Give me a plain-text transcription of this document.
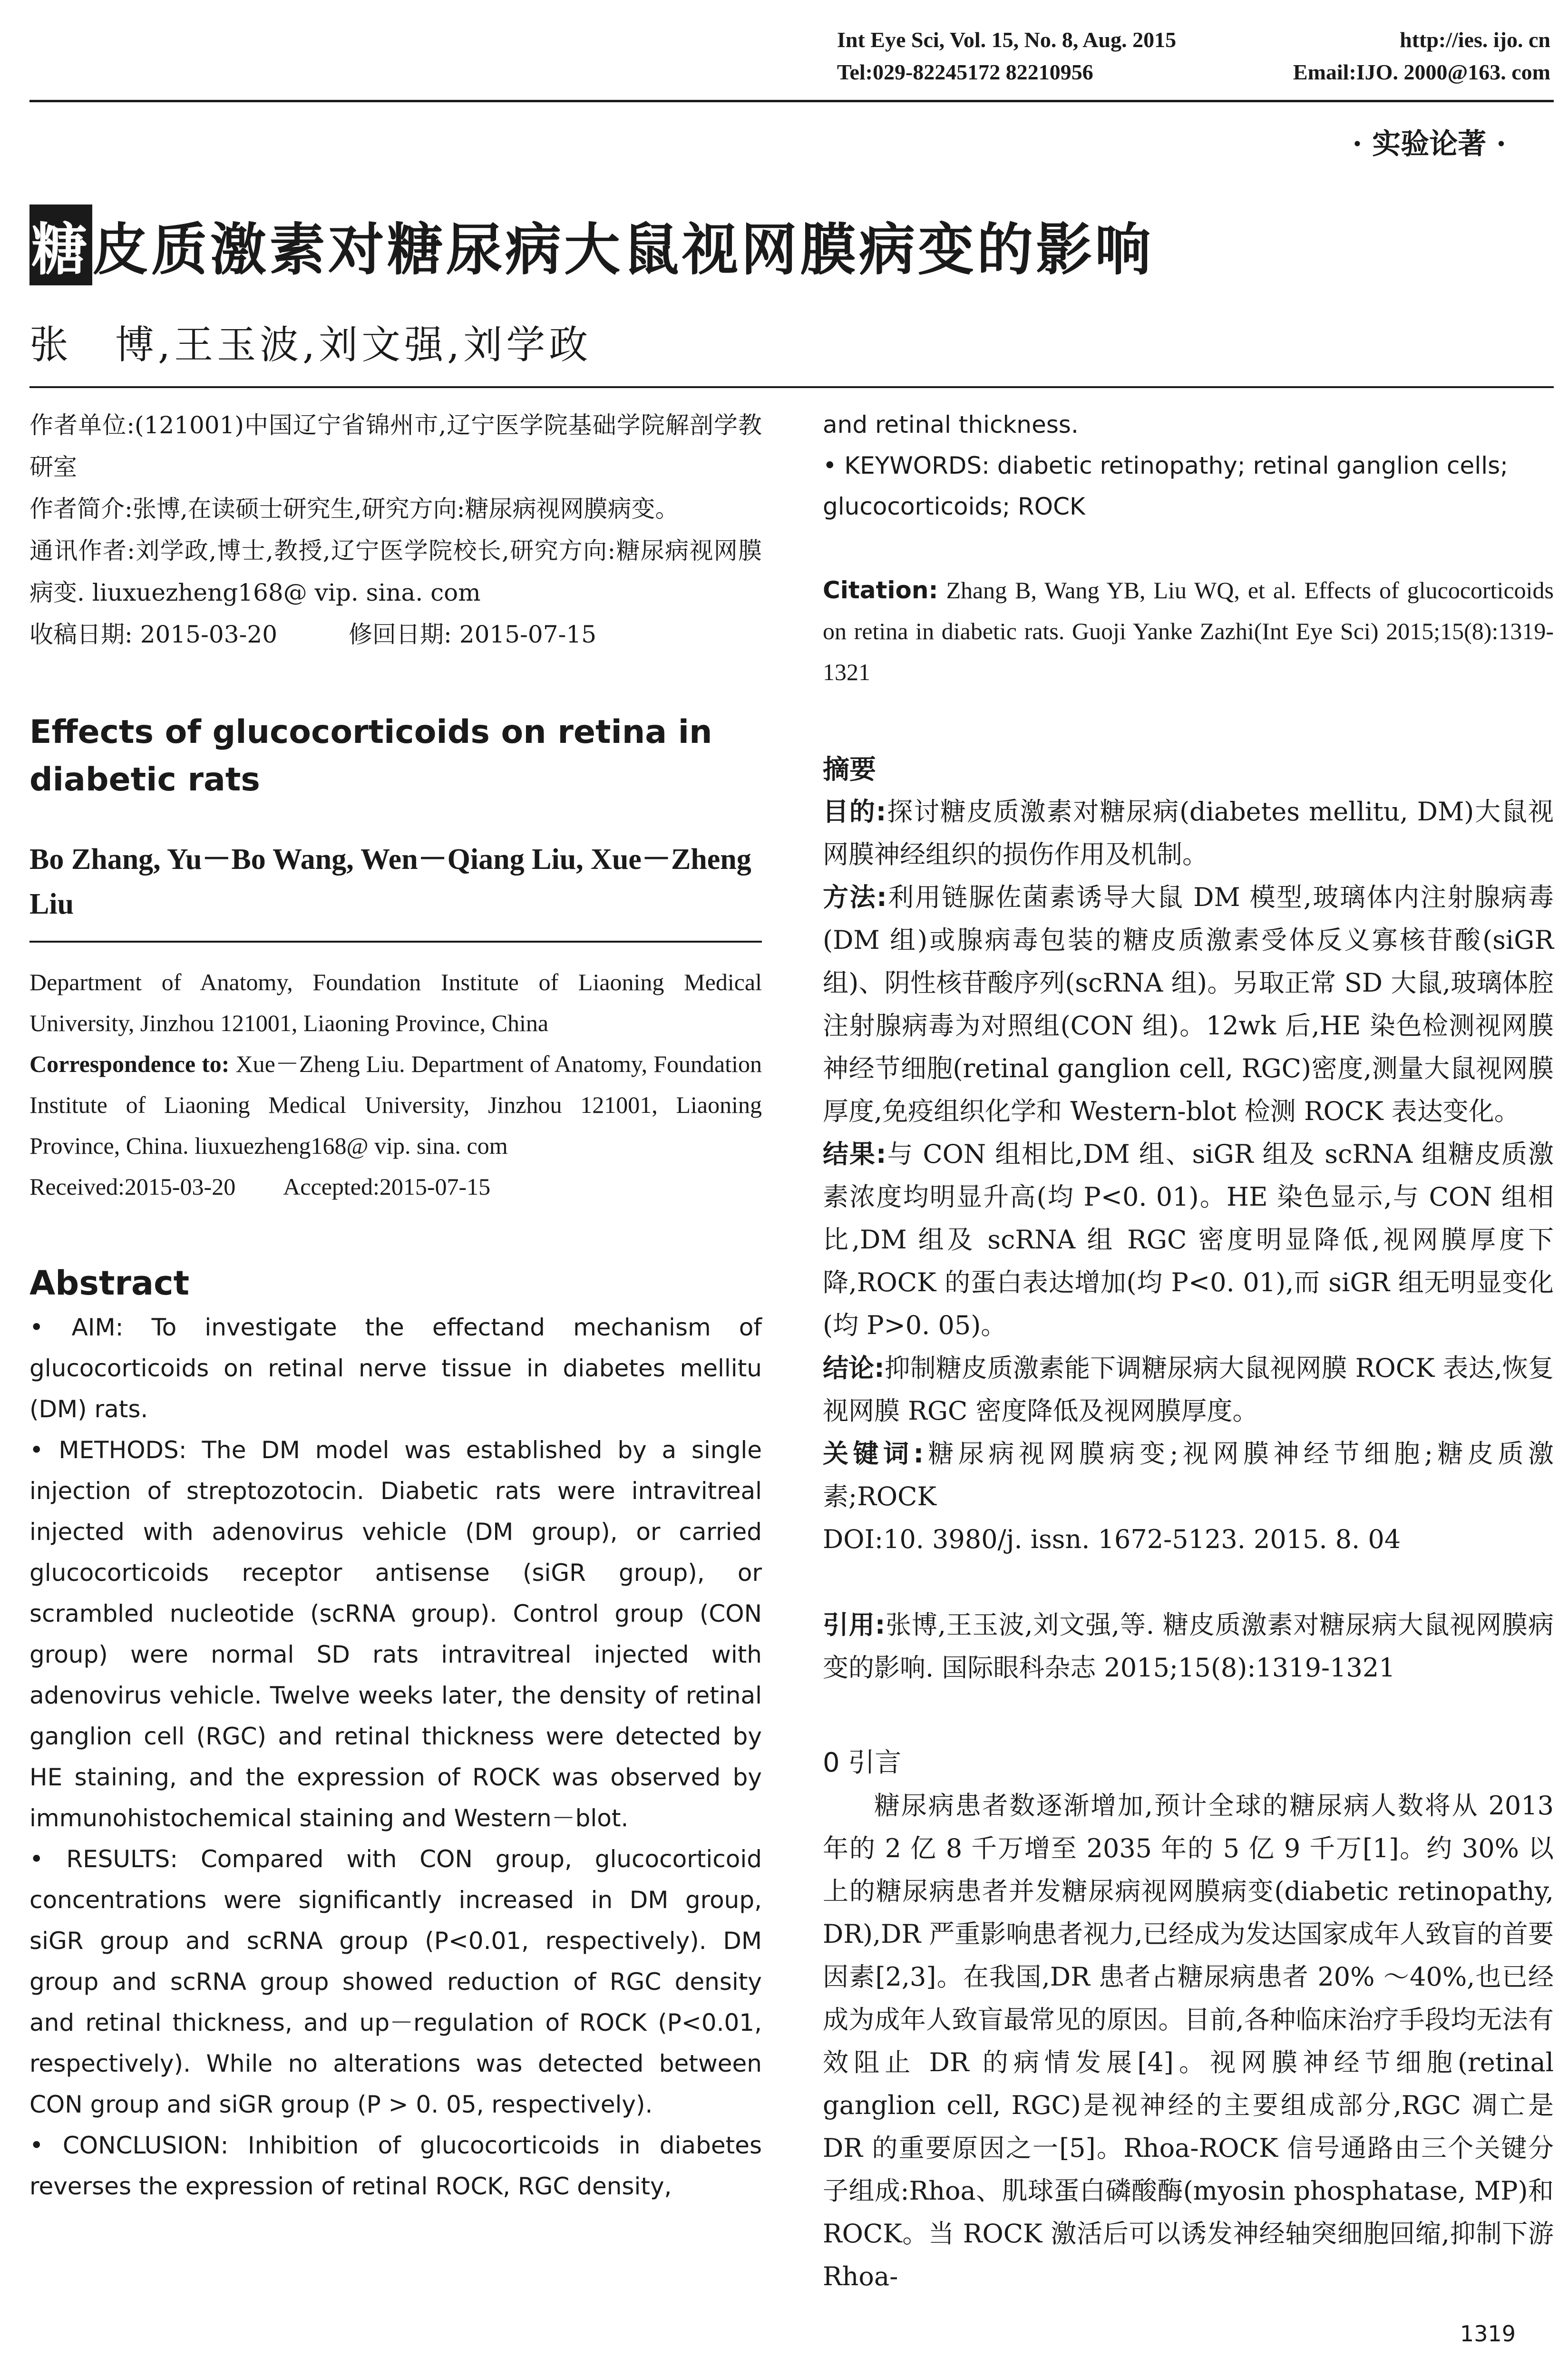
Int Eye Sci, Vol. 15, No. 8, Aug. 2015	http://ies. ijo. cn
Tel:029-82245172 82210956	Email:IJO. 2000@163. com
· 实验论著 ·
糖皮质激素对糖尿病大鼠视网膜病变的影响
张　博,王玉波,刘文强,刘学政

作者单位:(121001)中国辽宁省锦州市,辽宁医学院基础学院解剖学教研室

作者简介:张博,在读硕士研究生,研究方向:糖尿病视网膜病变。

通讯作者:刘学政,博士,教授,辽宁医学院校长,研究方向:糖尿病视网膜病变. liuxuezheng168@ vip. sina. com

收稿日期: 2015-03-20　　　修回日期: 2015-07-15

Effects of glucocorticoids on retina in diabetic rats
Bo Zhang, Yu－Bo Wang, Wen－Qiang Liu, Xue－Zheng Liu

Department of Anatomy, Foundation Institute of Liaoning Medical University, Jinzhou 121001, Liaoning Province, China

Correspondence to: Xue－Zheng Liu. Department of Anatomy, Foundation Institute of Liaoning Medical University, Jinzhou 121001, Liaoning Province, China. liuxuezheng168@ vip. sina. com

Received:2015-03-20　　Accepted:2015-07-15

Abstract

• AIM: To investigate the effectand mechanism of glucocorticoids on retinal nerve tissue in diabetes mellitu (DM) rats.

• METHODS: The DM model was established by a single injection of streptozotocin. Diabetic rats were intravitreal injected with adenovirus vehicle (DM group), or carried glucocorticoids receptor antisense (siGR group), or scrambled nucleotide (scRNA group). Control group (CON group) were normal SD rats intravitreal injected with adenovirus vehicle. Twelve weeks later, the density of retinal ganglion cell (RGC) and retinal thickness were detected by HE staining, and the expression of ROCK was observed by immunohistochemical staining and Western－blot.

• RESULTS: Compared with CON group, glucocorticoid concentrations were significantly increased in DM group, siGR group and scRNA group (P<0.01, respectively). DM group and scRNA group showed reduction of RGC density and retinal thickness, and up－regulation of ROCK (P<0.01, respectively). While no alterations was detected between CON group and siGR group (P > 0. 05, respectively).

• CONCLUSION: Inhibition of glucocorticoids in diabetes reverses the expression of retinal ROCK, RGC density,

and retinal thickness.

• KEYWORDS: diabetic retinopathy; retinal ganglion cells; glucocorticoids; ROCK

Citation: Zhang B, Wang YB, Liu WQ, et al. Effects of glucocorticoids on retina in diabetic rats. Guoji Yanke Zazhi(Int Eye Sci) 2015;15(8):1319-1321

摘要

目的:探讨糖皮质激素对糖尿病(diabetes mellitu, DM)大鼠视网膜神经组织的损伤作用及机制。

方法:利用链脲佐菌素诱导大鼠 DM 模型,玻璃体内注射腺病毒(DM 组)或腺病毒包装的糖皮质激素受体反义寡核苷酸(siGR 组)、阴性核苷酸序列(scRNA 组)。另取正常 SD 大鼠,玻璃体腔注射腺病毒为对照组(CON 组)。12wk 后,HE 染色检测视网膜神经节细胞(retinal ganglion cell, RGC)密度,测量大鼠视网膜厚度,免疫组织化学和 Western-blot 检测 ROCK 表达变化。

结果:与 CON 组相比,DM 组、siGR 组及 scRNA 组糖皮质激素浓度均明显升高(均 P<0. 01)。HE 染色显示,与 CON 组相比,DM 组及 scRNA 组 RGC 密度明显降低,视网膜厚度下降,ROCK 的蛋白表达增加(均 P<0. 01),而 siGR 组无明显变化(均 P>0. 05)。

结论:抑制糖皮质激素能下调糖尿病大鼠视网膜 ROCK 表达,恢复视网膜 RGC 密度降低及视网膜厚度。

关键词:糖尿病视网膜病变;视网膜神经节细胞;糖皮质激素;ROCK

DOI:10. 3980/j. issn. 1672-5123. 2015. 8. 04

引用:张博,王玉波,刘文强,等. 糖皮质激素对糖尿病大鼠视网膜病变的影响. 国际眼科杂志 2015;15(8):1319-1321

0 引言

糖尿病患者数逐渐增加,预计全球的糖尿病人数将从 2013 年的 2 亿 8 千万增至 2035 年的 5 亿 9 千万[1]。约 30% 以上的糖尿病患者并发糖尿病视网膜病变(diabetic retinopathy, DR),DR 严重影响患者视力,已经成为发达国家成年人致盲的首要因素[2,3]。在我国,DR 患者占糖尿病患者 20% ～40%,也已经成为成年人致盲最常见的原因。目前,各种临床治疗手段均无法有效阻止 DR 的病情发展[4]。视网膜神经节细胞(retinal ganglion cell, RGC)是视神经的主要组成部分,RGC 凋亡是 DR 的重要原因之一[5]。Rhoa-ROCK 信号通路由三个关键分子组成:Rhoa、肌球蛋白磷酸酶(myosin phosphatase, MP)和 ROCK。当 ROCK 激活后可以诱发神经轴突细胞回缩,抑制下游 Rhoa-

1319
